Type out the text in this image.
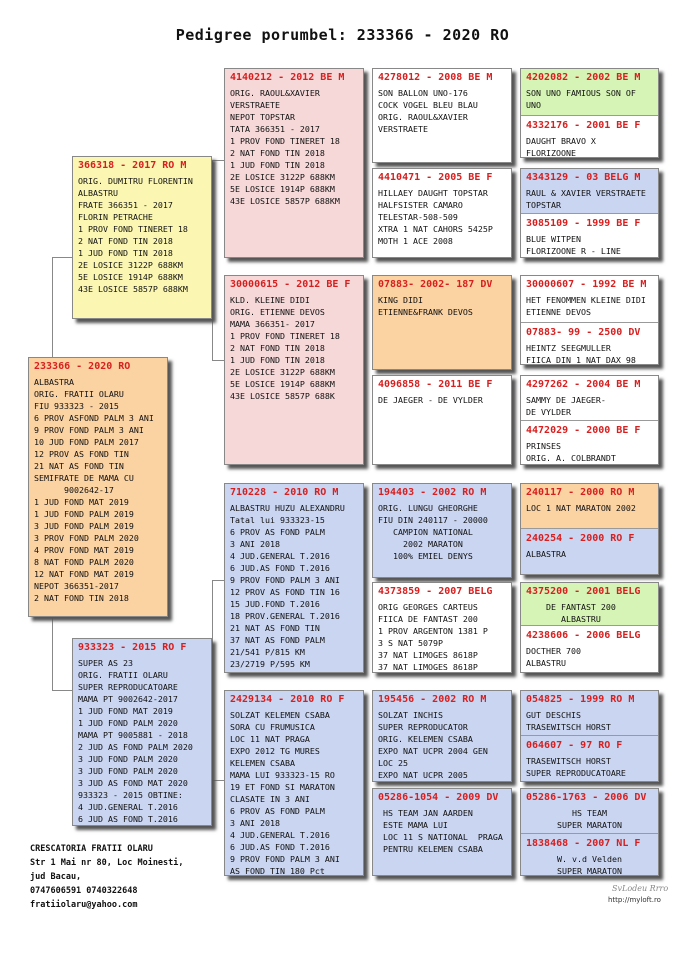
Pedigree porumbel: 233366 - 2020 RO
233366 - 2020 RO
ALBASTRA
ORIG. FRATII OLARU
FIU 933323 - 2015
6 PROV ASFOND PALM 3 ANI
9 PROV FOND PALM 3 ANI
10 JUD FOND PALM 2017
12 PROV AS FOND TIN
21 NAT AS FOND TIN
SEMIFRATE DE MAMA CU
9002642-17
1 JUD FOND MAT 2019
1 JUD FOND PALM 2019
3 JUD FOND PALM 2019
3 PROV FOND PALM 2020
4 PROV FOND MAT 2019
8 NAT FOND PALM 2020
12 NAT FOND MAT 2019
NEPOT 366351-2017
2 NAT FOND TIN 2018
366318 - 2017 RO M
ORIG. DUMITRU FLORENTIN
ALBASTRU
FRATE 366351 - 2017
FLORIN PETRACHE
1 PROV FOND TINERET 18
2 NAT FOND TIN 2018
1 JUD FOND TIN 2018
2E LOSICE 3122P 688KM
5E LOSICE 1914P 688KM
43E LOSICE 5857P 688KM
933323 - 2015 RO F
SUPER AS 23
ORIG. FRATII OLARU
SUPER REPRODUCATOARE
MAMA PT 9002642-2017
1 JUD FOND MAT 2019
1 JUD FOND PALM 2020
MAMA PT 9005881 - 2018
2 JUD AS FOND PALM 2020
3 JUD FOND PALM 2020
3 JUD FOND PALM 2020
3 JUD AS FOND MAT 2020
933323 - 2015 OBTINE:
4 JUD.GENERAL T.2016
6 JUD AS FOND T.2016
4140212 - 2012 BE M
ORIG. RAOUL&XAVIER
VERSTRAETE
NEPOT TOPSTAR
TATA 366351 - 2017
1 PROV FOND TINERET 18
2 NAT FOND TIN 2018
1 JUD FOND TIN 2018
2E LOSICE 3122P 688KM
5E LOSICE 1914P 688KM
43E LOSICE 5857P 688KM
30000615 - 2012 BE F
KLD. KLEINE DIDI
ORIG. ETIENNE DEVOS
MAMA 366351- 2017
1 PROV FOND TINERET 18
2 NAT FOND TIN 2018
1 JUD FOND TIN 2018
2E LOSICE 3122P 688KM
5E LOSICE 1914P 688KM
43E LOSICE 5857P 688K
710228 - 2010 RO M
ALBASTRU HUZU ALEXANDRU
Tatal lui 933323-15
6 PROV AS FOND PALM
3 ANI 2018
4 JUD.GENERAL T.2016
6 JUD.AS FOND T.2016
9 PROV FOND PALM 3 ANI
12 PROV AS FOND TIN 16
15 JUD.FOND T.2016
18 PROV.GENERAL T.2016
21 NAT AS FOND TIN
37 NAT AS FOND PALM
21/541 P/815 KM
23/2719 P/595 KM
2429134 - 2010 RO F
SOLZAT KELEMEN CSABA
SORA CU FRUMUSICA
LOC 11 NAT PRAGA
EXPO 2012 TG MURES
KELEMEN CSABA
MAMA LUI 933323-15 RO
19 ET FOND SI MARATON
CLASATE IN 3 ANI
6 PROV AS FOND PALM
3 ANI 2018
4 JUD.GENERAL T.2016
6 JUD.AS FOND T.2016
9 PROV FOND PALM 3 ANI
AS FOND TIN 180 Pct
4278012 - 2008 BE M
SON BALLON UNO-176
COCK VOGEL BLEU BLAU
ORIG. RAOUL&XAVIER
VERSTRAETE
4410471 - 2005 BE F
HILLAEY DAUGHT TOPSTAR
HALFSISTER CAMARO
TELESTAR-508-509
XTRA 1 NAT CAHORS 5425P
MOTH 1 ACE 2008
07883- 2002- 187 DV
KING DIDI
ETIENNE&FRANK DEVOS
4096858 - 2011 BE F
DE JAEGER - DE VYLDER
194403 - 2002 RO M
ORIG. LUNGU GHEORGHE
FIU DIN 240117 - 20000
CAMPION NATIONAL
2002 MARATON
100% EMIEL DENYS
4373859 - 2007 BELG
ORIG GEORGES CARTEUS
FIICA DE FANTAST 200
1 PROV ARGENTON 1381 P
3 S NAT 5079P
37 NAT LIMOGES 8618P
37 NAT LIMOGES 8618P
195456 - 2002 RO M
SOLZAT INCHIS
SUPER REPRODUCATOR
ORIG. KELEMEN CSABA
EXPO NAT UCPR 2004 GEN
LOC 25
EXPO NAT UCPR 2005
05286-1054 - 2009 DV
HS TEAM JAN AARDEN
ESTE MAMA LUI
LOC 11 S NATIONAL  PRAGA
PENTRU KELEMEN CSABA
4202082 - 2002 BE M
SON UNO FAMIOUS SON OF
UNO
4332176 - 2001 BE F
DAUGHT BRAVO X
FLORIZOONE
4343129 - 03 BELG M
RAUL & XAVIER VERSTRAETE
TOPSTAR
3085109 - 1999 BE F
BLUE WITPEN
FLORIZOONE R - LINE
30000607 - 1992 BE M
HET FENOMMEN KLEINE DIDI
ETIENNE DEVOS
07883- 99 - 2500 DV
HEINTZ SEEGMULLER
FIICA DIN 1 NAT DAX 98
4297262 - 2004 BE M
SAMMY DE JAEGER-
DE VYLDER
4472029 - 2000 BE F
PRINSES
ORIG. A. COLBRANDT
240117 - 2000 RO M
LOC 1 NAT MARATON 2002
240254 - 2000 RO F
ALBASTRA
4375200 - 2001 BELG
DE FANTAST 200
ALBASTRU
4238606 - 2006 BELG
DOCTHER 700
ALBASTRU
054825 - 1999 RO M
GUT DESCHIS
TRASEWITSCH HORST
064607 - 97 RO F
TRASEWITSCH HORST
SUPER REPRODUCATOARE
05286-1763 - 2006 DV
HS TEAM
SUPER MARATON
1838468 - 2007 NL F
W. v.d Velden
SUPER MARATON
CRESCATORIA FRATII OLARU
Str 1 Mai nr 80, Loc Moinesti,
jud Bacau,
0747606591 0740322648
fratiiolaru@yahoo.com
SvLodeu Rrro
http://myloft.ro
